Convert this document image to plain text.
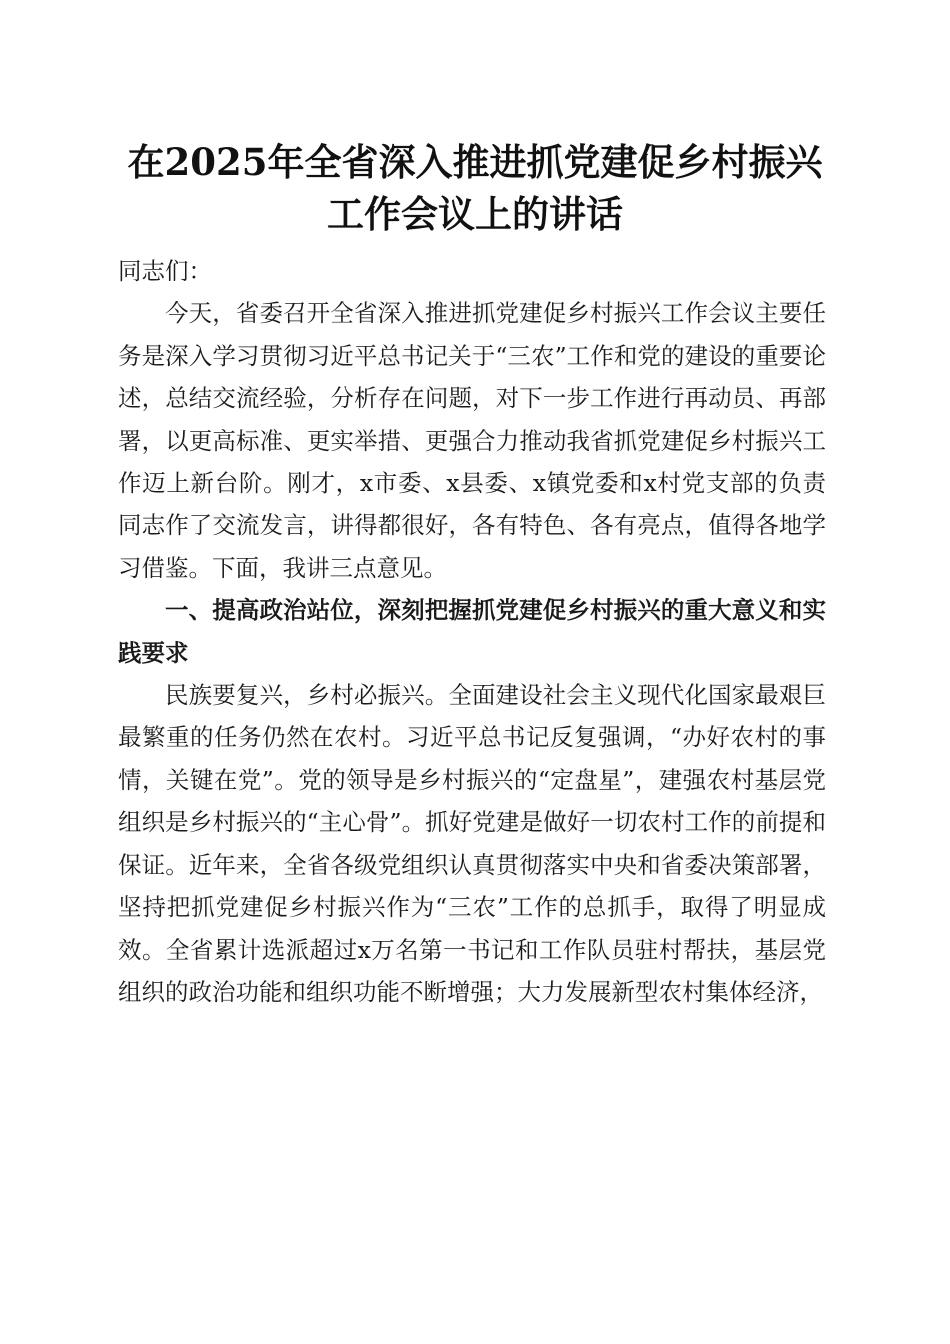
在2025年全省深入推进抓党建促乡村振兴工作会议上的讲话

同志们：

今天，省委召开全省深入推进抓党建促乡村振兴工作会议主要任务是深入学习贯彻习近平总书记关于“三农”工作和党的建设的重要论述，总结交流经验，分析存在问题，对下一步工作进行再动员、再部署，以更高标准、更实举措、更强合力推动我省抓党建促乡村振兴工作迈上新台阶。刚才，x市委、x县委、x镇党委和x村党支部的负责同志作了交流发言，讲得都很好，各有特色、各有亮点，值得各地学习借鉴。下面，我讲三点意见。

一、提高政治站位，深刻把握抓党建促乡村振兴的重大意义和实践要求

民族要复兴，乡村必振兴。全面建设社会主义现代化国家最艰巨最繁重的任务仍然在农村。习近平总书记反复强调，“办好农村的事情，关键在党”。党的领导是乡村振兴的“定盘星”，建强农村基层党组织是乡村振兴的“主心骨”。抓好党建是做好一切农村工作的前提和保证。近年来，全省各级党组织认真贯彻落实中央和省委决策部署，坚持把抓党建促乡村振兴作为“三农”工作的总抓手，取得了明显成效。全省累计选派超过x万名第一书记和工作队员驻村帮扶，基层党组织的政治功能和组织功能不断增强；大力发展新型农村集体经济，
